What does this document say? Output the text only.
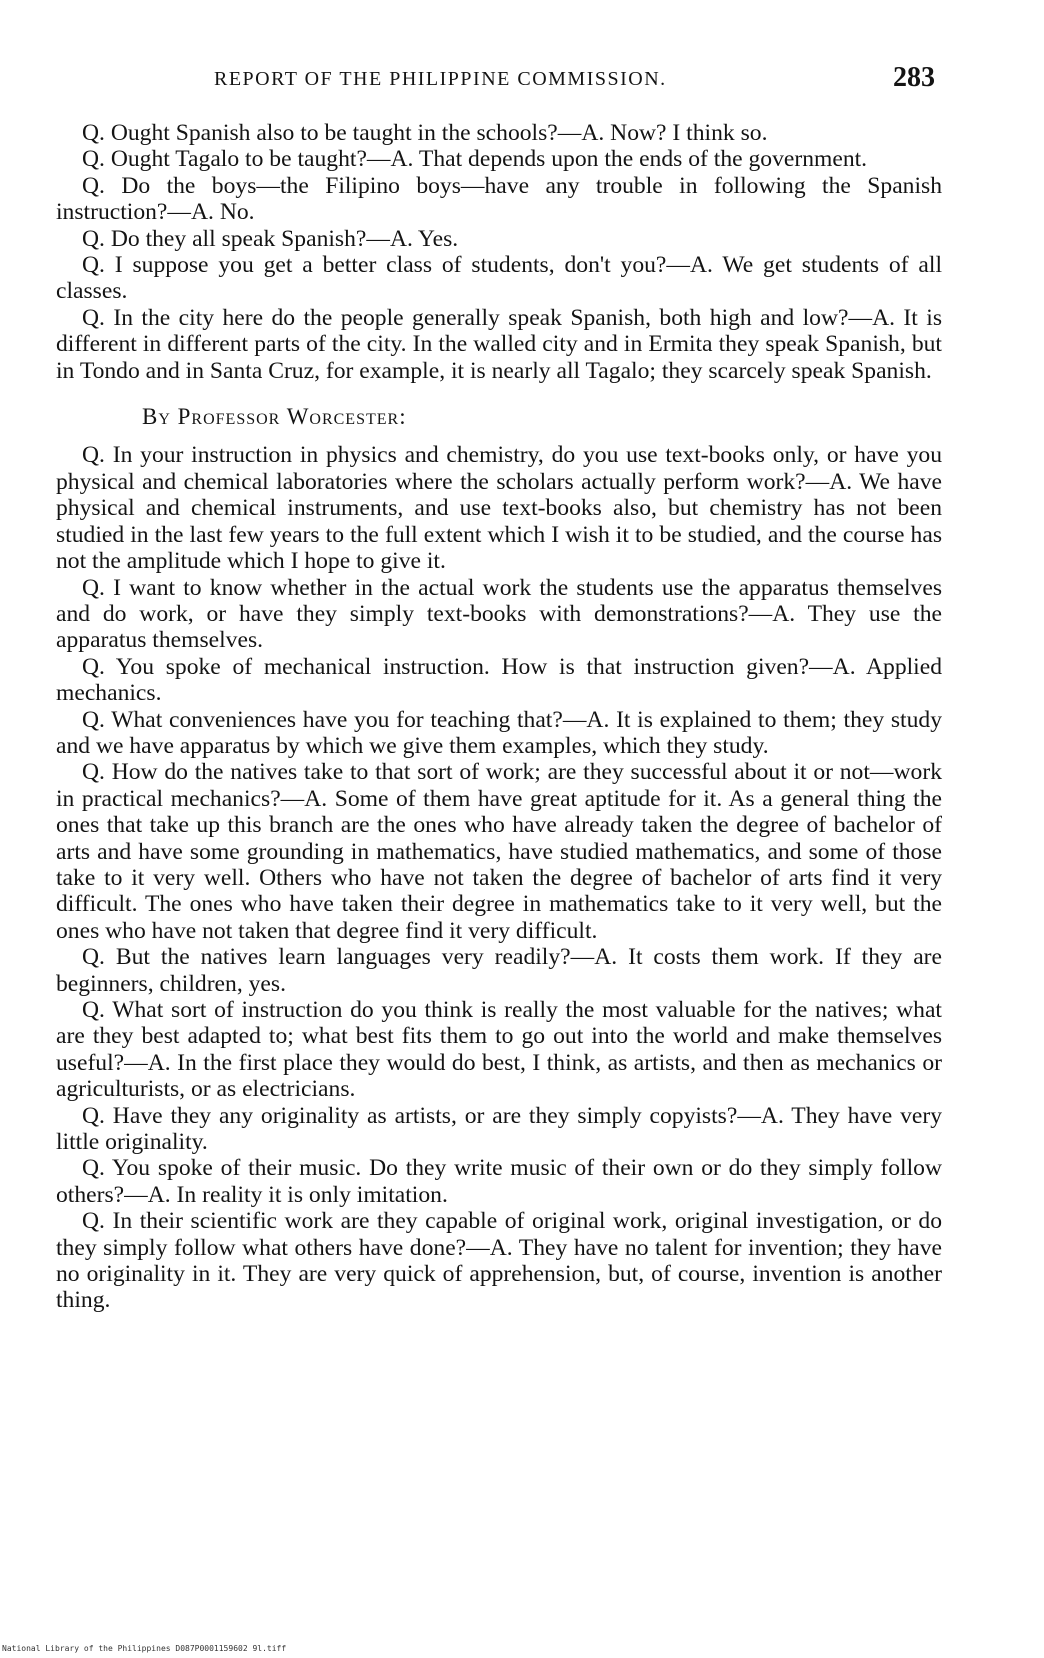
REPORT OF THE PHILIPPINE COMMISSION.	283

Q. Ought Spanish also to be taught in the schools?—A. Now? I think so.

Q. Ought Tagalo to be taught?—A. That depends upon the ends of the government.

Q. Do the boys—the Filipino boys—have any trouble in following the Spanish instruction?—A. No.

Q. Do they all speak Spanish?—A. Yes.

Q. I suppose you get a better class of students, don't you?—A. We get students of all classes.

Q. In the city here do the people generally speak Spanish, both high and low?—A. It is different in different parts of the city. In the walled city and in Ermita they speak Spanish, but in Tondo and in Santa Cruz, for example, it is nearly all Tagalo; they scarcely speak Spanish.

By Professor Worcester:

Q. In your instruction in physics and chemistry, do you use text-books only, or have you physical and chemical laboratories where the scholars actually perform work?—A. We have physical and chemical instruments, and use text-books also, but chemistry has not been studied in the last few years to the full extent which I wish it to be studied, and the course has not the amplitude which I hope to give it.

Q. I want to know whether in the actual work the students use the apparatus themselves and do work, or have they simply text-books with demonstrations?—A. They use the apparatus themselves.

Q. You spoke of mechanical instruction. How is that instruction given?—A. Applied mechanics.

Q. What conveniences have you for teaching that?—A. It is explained to them; they study and we have apparatus by which we give them examples, which they study.

Q. How do the natives take to that sort of work; are they successful about it or not—work in practical mechanics?—A. Some of them have great aptitude for it. As a general thing the ones that take up this branch are the ones who have already taken the degree of bachelor of arts and have some grounding in mathematics, have studied mathematics, and some of those take to it very well. Others who have not taken the degree of bachelor of arts find it very difficult. The ones who have taken their degree in mathematics take to it very well, but the ones who have not taken that degree find it very difficult.

Q. But the natives learn languages very readily?—A. It costs them work. If they are beginners, children, yes.

Q. What sort of instruction do you think is really the most valuable for the natives; what are they best adapted to; what best fits them to go out into the world and make themselves useful?—A. In the first place they would do best, I think, as artists, and then as mechanics or agriculturists, or as electricians.

Q. Have they any originality as artists, or are they simply copyists?—A. They have very little originality.

Q. You spoke of their music. Do they write music of their own or do they simply follow others?—A. In reality it is only imitation.

Q. In their scientific work are they capable of original work, original investigation, or do they simply follow what others have done?—A. They have no talent for invention; they have no originality in it. They are very quick of apprehension, but, of course, invention is another thing.

National Library of the Philippines D087P0001159602 9l.tiff
